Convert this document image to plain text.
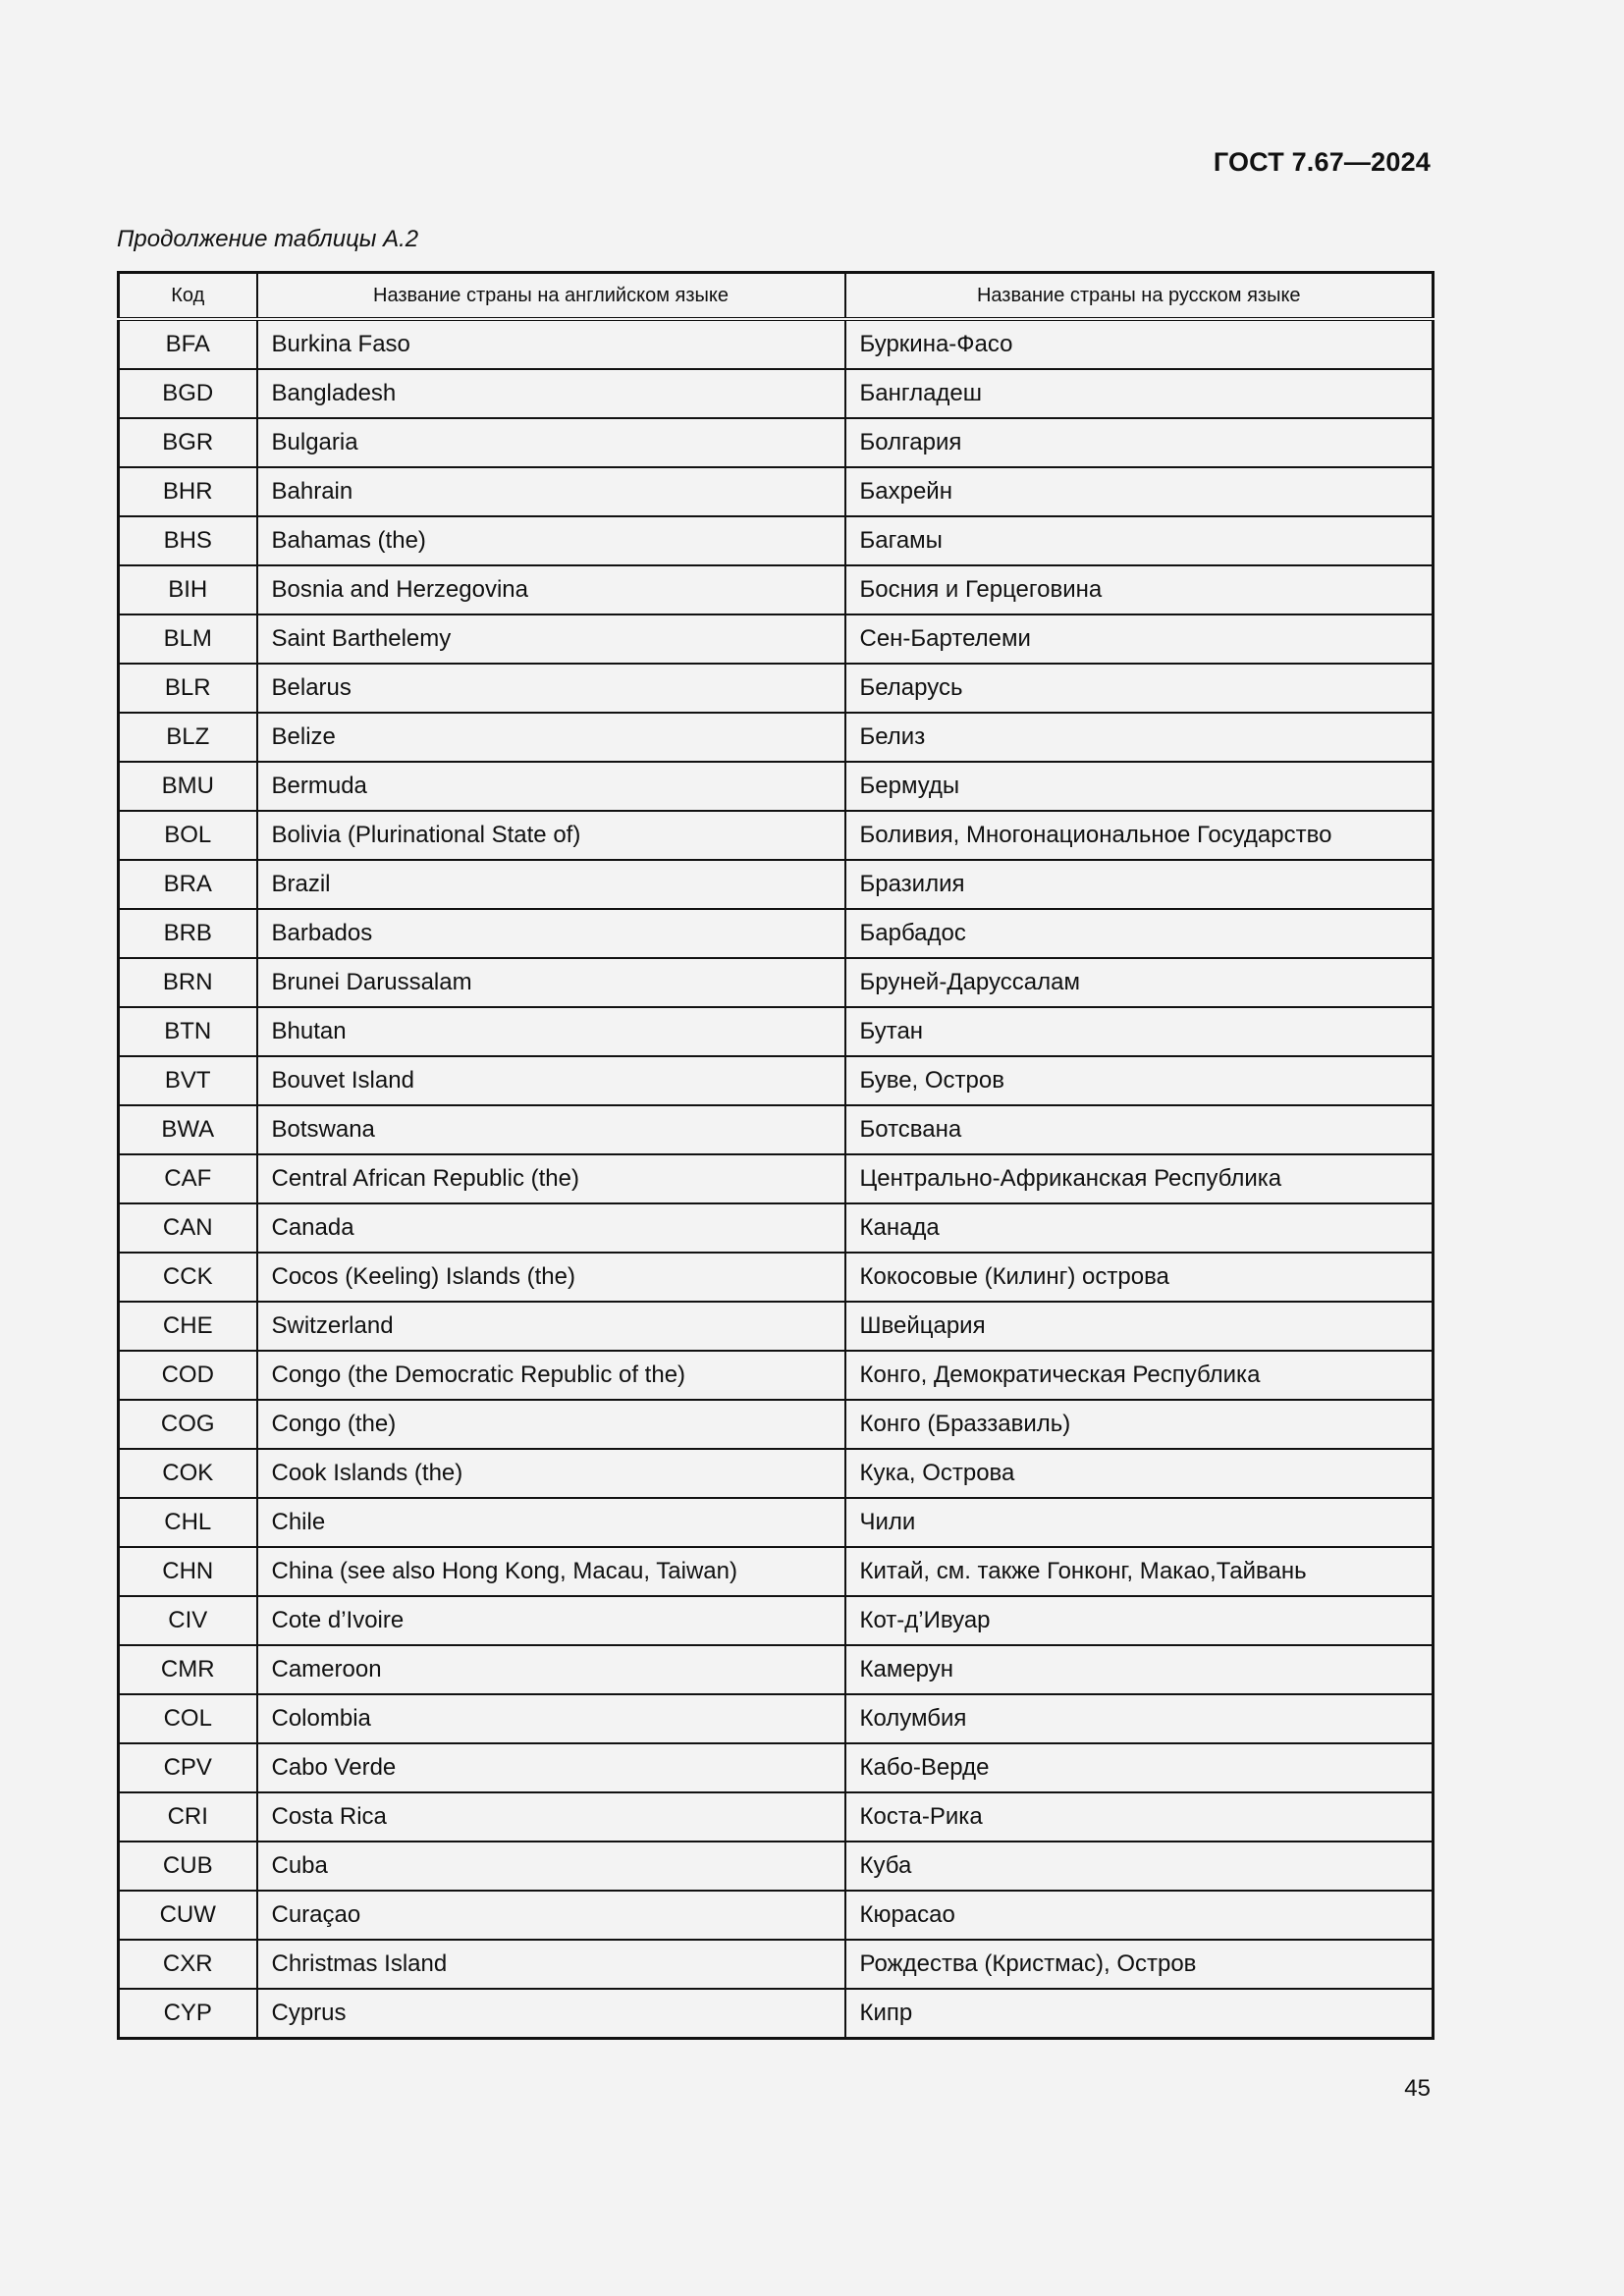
ГОСТ 7.67—2024
Продолжение таблицы А.2
Код	Название страны на английском языке	Название страны на русском языке
BFA	Burkina Faso	Буркина-Фасо
BGD	Bangladesh	Бангладеш
BGR	Bulgaria	Болгария
BHR	Bahrain	Бахрейн
BHS	Bahamas (the)	Багамы
BIH	Bosnia and Herzegovina	Босния и Герцеговина
BLM	Saint Barthelemy	Сен-Бартелеми
BLR	Belarus	Беларусь
BLZ	Belize	Белиз
BMU	Bermuda	Бермуды
BOL	Bolivia (Plurinational State of)	Боливия, Многонациональное Государство
BRA	Brazil	Бразилия
BRB	Barbados	Барбадос
BRN	Brunei Darussalam	Бруней-Даруссалам
BTN	Bhutan	Бутан
BVT	Bouvet Island	Буве, Остров
BWA	Botswana	Ботсвана
CAF	Central African Republic (the)	Центрально-Африканская Республика
CAN	Canada	Канада
CCK	Cocos (Keeling) Islands (the)	Кокосовые (Килинг) острова
CHE	Switzerland	Швейцария
COD	Congo (the Democratic Republic of the)	Конго, Демократическая Республика
COG	Congo (the)	Конго (Браззавиль)
COK	Cook Islands (the)	Кука, Острова
CHL	Chile	Чили
CHN	China (see also Hong Kong, Macau, Taiwan)	Китай, см. также Гонконг, Макао,Тайвань
CIV	Cote d’Ivoire	Кот-д’Ивуар
CMR	Cameroon	Камерун
COL	Colombia	Колумбия
CPV	Cabo Verde	Кабо-Верде
CRI	Costa Rica	Коста-Рика
CUB	Cuba	Куба
CUW	Curaçao	Кюрасао
CXR	Christmas Island	Рождества (Кристмас), Остров
CYP	Cyprus	Кипр
45
